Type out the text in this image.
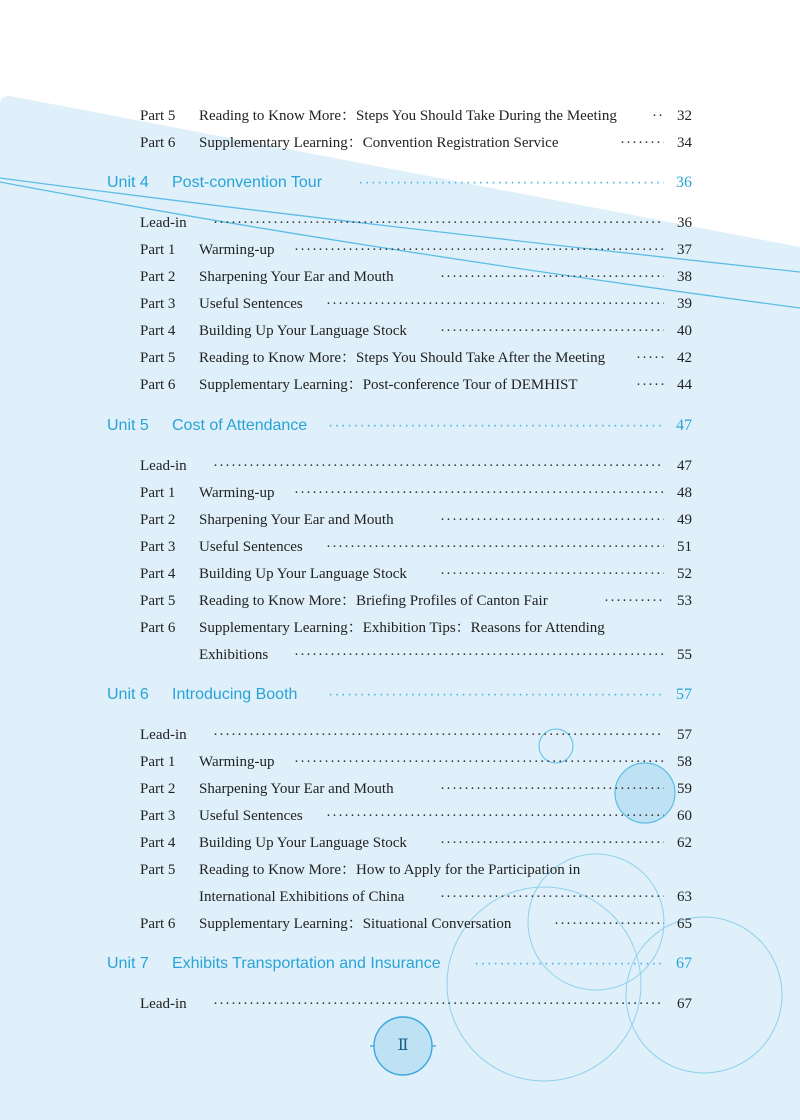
Part 5 Reading to Know More：Steps You Should Take During the Meeting ·····	32
Part 6 Supplementary Learning：Convention Registration Service ·····	34
Unit 4 Post-convention Tour ·····	36
Lead-in ·····	36
Part 1 Warming-up ·····	37
Part 2 Sharpening Your Ear and Mouth ·····	38
Part 3 Useful Sentences ·····	39
Part 4 Building Up Your Language Stock ·····	40
Part 5 Reading to Know More：Steps You Should Take After the Meeting ·····	42
Part 6 Supplementary Learning：Post-conference Tour of DEMHIST ·····	44
Unit 5 Cost of Attendance ·····	47
Lead-in ·····	47
Part 1 Warming-up ·····	48
Part 2 Sharpening Your Ear and Mouth ·····	49
Part 3 Useful Sentences ·····	51
Part 4 Building Up Your Language Stock ·····	52
Part 5 Reading to Know More：Briefing Profiles of Canton Fair ·····	53
Part 6 Supplementary Learning：Exhibition Tips：Reasons for Attending
Exhibitions ·····	55
Unit 6 Introducing Booth ·····	57
Lead-in ·····	57
Part 1 Warming-up ·····	58
Part 2 Sharpening Your Ear and Mouth ·····	59
Part 3 Useful Sentences ·····	60
Part 4 Building Up Your Language Stock ·····	62
Part 5 Reading to Know More：How to Apply for the Participation in
International Exhibitions of China ·····	63
Part 6 Supplementary Learning：Situational Conversation ·····	65
Unit 7 Exhibits Transportation and Insurance ·····	67
Lead-in ·····	67
Ⅱ
